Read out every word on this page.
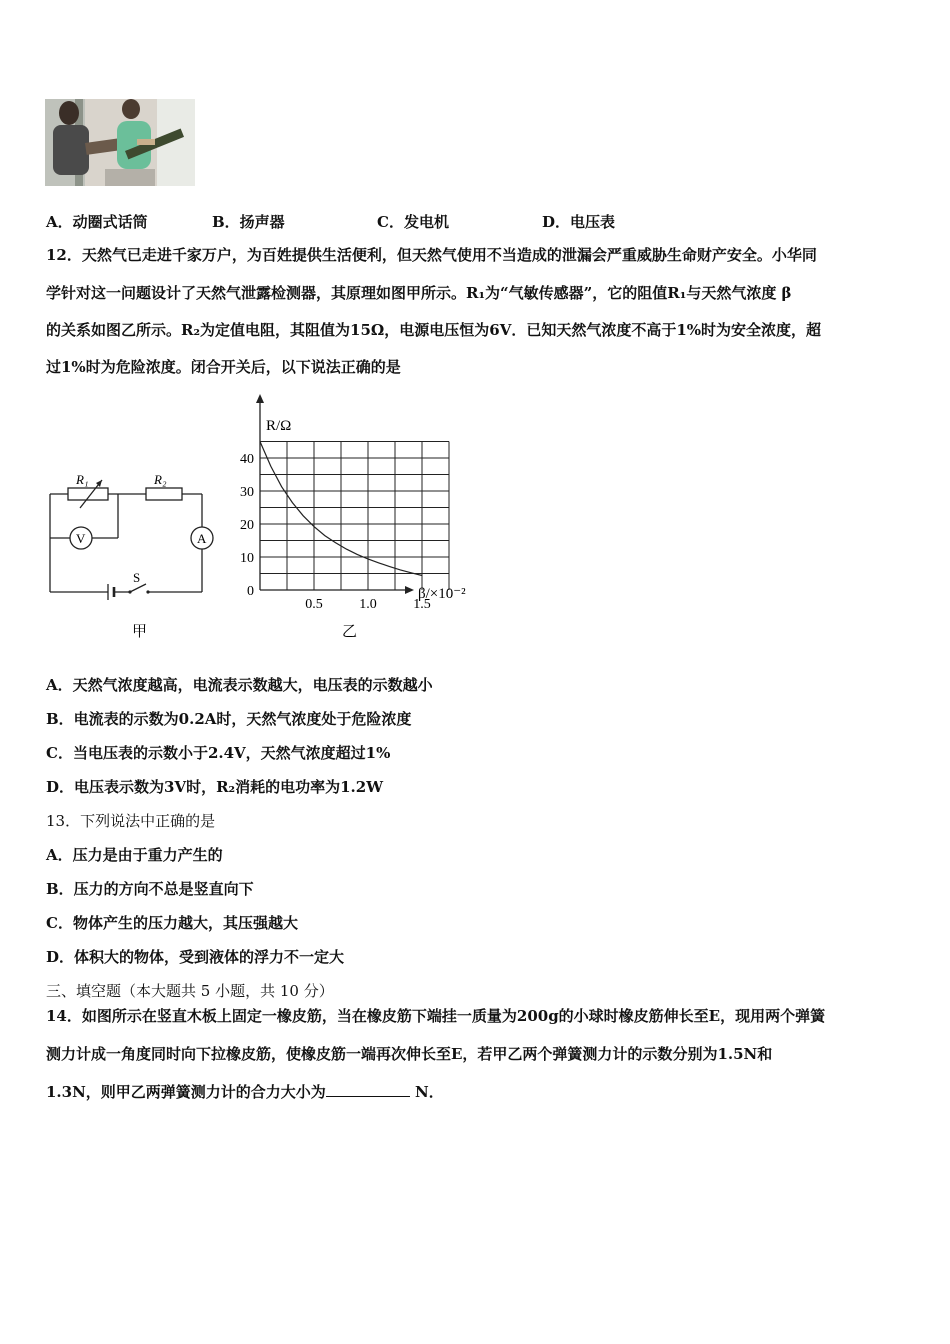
A．动圈式话筒	B．扬声器	C．发电机	D．电压表
12．天然气已走进千家万户，为百姓提供生活便利，但天然气使用不当造成的泄漏会严重威胁生命财产安全。小华同
学针对这一问题设计了天然气泄露检测器，其原理如图甲所示。R₁为“气敏传感器”，它的阻值R₁与天然气浓度 β
的关系如图乙所示。R₂为定值电阻，其阻值为15Ω，电源电压恒为6V．已知天然气浓度不高于1%时为安全浓度，超
过1%时为危险浓度。闭合开关后，以下说法正确的是
R₁	R₂
V	A
S
甲
0
10
20
30
40
0.5	1.0	1.5
R/Ω
β/×10⁻²
乙
A．天然气浓度越高，电流表示数越大，电压表的示数越小
B．电流表的示数为0.2A时，天然气浓度处于危险浓度
C．当电压表的示数小于2.4V，天然气浓度超过1%
D．电压表示数为3V时，R₂消耗的电功率为1.2W
13．下列说法中正确的是
A．压力是由于重力产生的
B．压力的方向不总是竖直向下
C．物体产生的压力越大，其压强越大
D．体积大的物体，受到液体的浮力不一定大
三、填空题（本大题共 5 小题，共 10 分）
14．如图所示在竖直木板上固定一橡皮筋，当在橡皮筋下端挂一质量为200g的小球时橡皮筋伸长至E，现用两个弹簧
测力计成一角度同时向下拉橡皮筋，使橡皮筋一端再次伸长至E，若甲乙两个弹簧测力计的示数分别为1.5N和
1.3N，则甲乙两弹簧测力计的合力大小为	N．
